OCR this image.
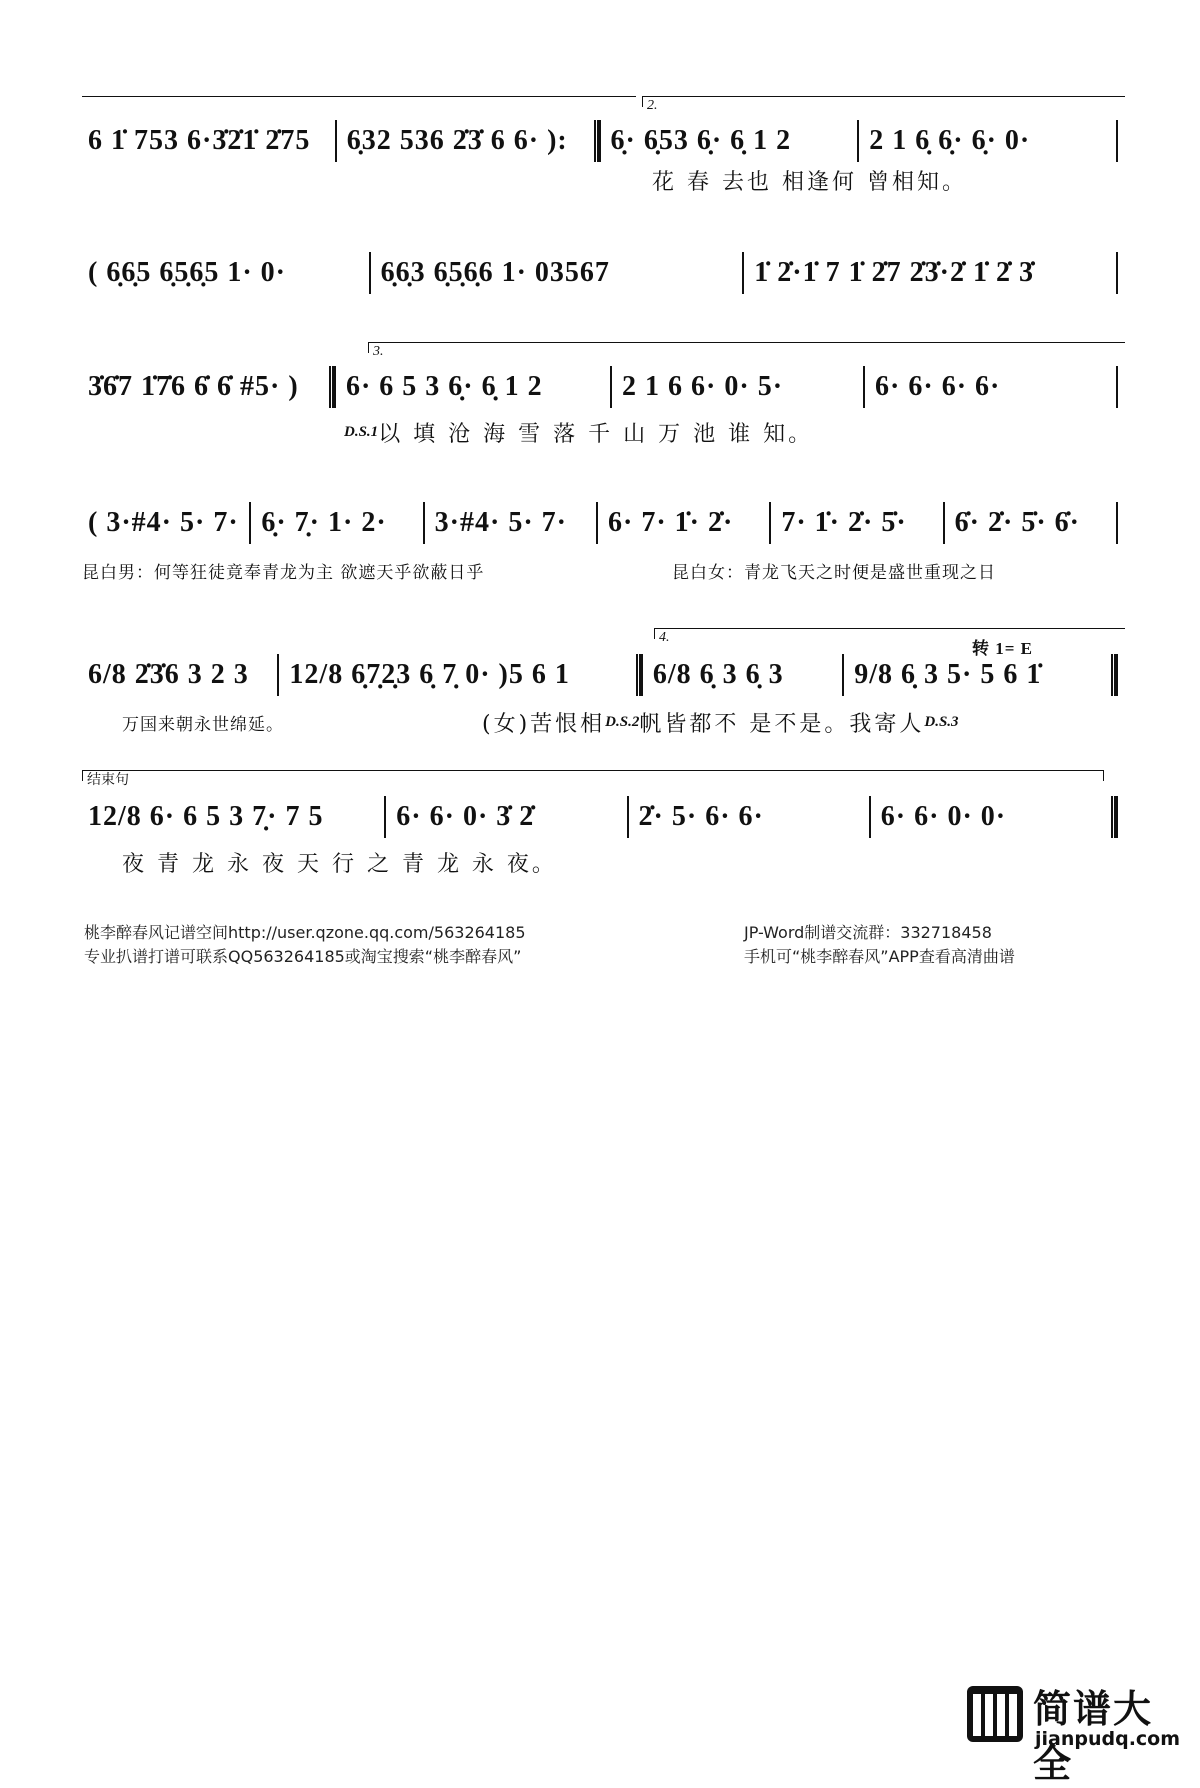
2.
6 1̇ 753 6·3̇2̇1̇ 2̇75	6̣32 536 2̇3̇ 6 6· ):	6̣· 6̣53 6̣· 6̣ 1 2	2 1 6̣ 6̣· 6̣· 0·
花 春 去也 相逢何 曾相知。
( 6̣6̣5 6̣5̣6̣5 1· 0·	6̣6̣3 6̣5̣6̣6 1· 03567	1̇ 2̇·1̇ 7 1̇ 2̇7 2̇3̇·2̇ 1̇ 2̇ 3̇
3.
3̇6̇7 1̇7̇6 6̇ 6̇ #5· )	6· 6 5 3 6̣· 6̣ 1 2	2 1 6 6· 0· 5·	6· 6· 6· 6·
D.S.1 以 填 沧 海 雪 落 千 山 万 池 谁 知。
( 3·#4· 5· 7· 6̣· 7̣· 1· 2·	3·#4· 5· 7·	6· 7· 1̇· 2̇·	7· 1̇· 2̇· 5̇·	6̇· 2̇· 5̇· 6̇·
昆白男：何等狂徒竟奉青龙为主 欲遮天乎欲蔽日乎	昆白女：青龙飞天之时便是盛世重现之日
4.
转 1= E
6/8 2̇3̇6 3 2 3	12/8 6̣7̣2̣3 6̣ 7̣ 0· )5 6 1	6/8 6̣ 3 6̣ 3	9/8 6̣ 3 5· 5 6 1̇
万国来朝永世绵延。	(女)苦恨相 D.S.2 帆皆都不 是不是。我寄人 D.S.3
结束句
12/8 6· 6 5 3 7̣· 7 5	6· 6· 0· 3̇ 2̇	2̇· 5· 6· 6·	6· 6· 0· 0·
夜 青 龙 永 夜 天 行 之 青 龙 永 夜。
桃李醉春风记谱空间http://user.qzone.qq.com/563264185	JP-Word制谱交流群：332718458
专业扒谱打谱可联系QQ563264185或淘宝搜索“桃李醉春风”	手机可“桃李醉春风”APP查看高清曲谱
简谱大全
jianpudq.com
